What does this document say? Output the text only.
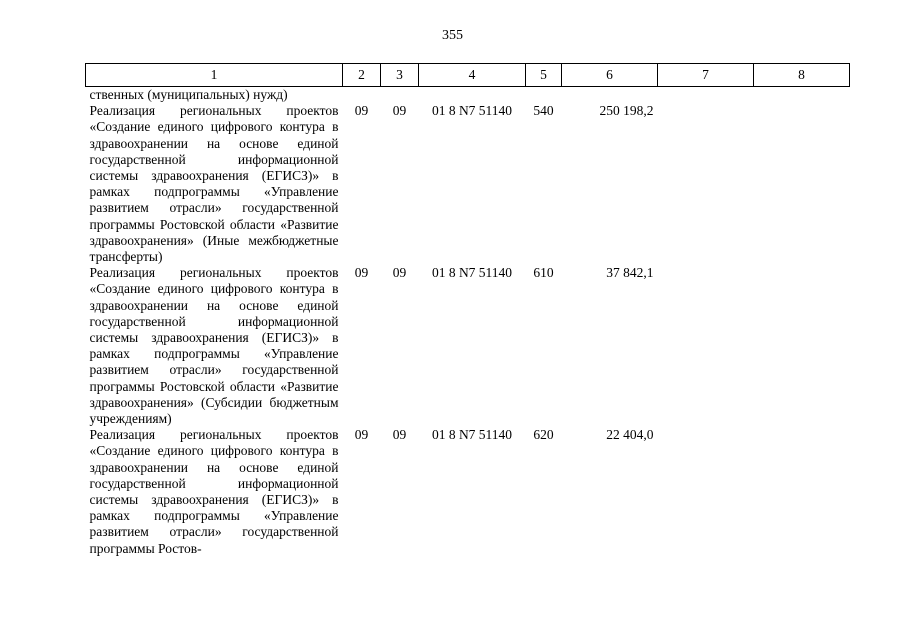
355
1	2	3	4	5	6	7	8
ственных (муниципальных) нужд)							
Реализация региональных проектов «Создание единого цифрового контура в здравоохранении на основе единой государственной информационной системы здравоохранения (ЕГИСЗ)» в рамках подпрограммы «Управление развитием отрасли» государственной программы Ростовской области «Развитие здравоохранения» (Иные межбюджетные трансферты)	09	09	01 8 N7 51140	540	250 198,2		
Реализация региональных проектов «Создание единого цифрового контура в здравоохранении на основе единой государственной информационной системы здравоохранения (ЕГИСЗ)» в рамках подпрограммы «Управление развитием отрасли» государственной программы Ростовской области «Развитие здравоохранения» (Субсидии бюджетным учреждениям)	09	09	01 8 N7 51140	610	37 842,1		
Реализация региональных проектов «Создание единого цифрового контура в здравоохранении на основе единой государственной информационной системы здравоохранения (ЕГИСЗ)» в рамках подпрограммы «Управление развитием отрасли» государственной программы Ростов-	09	09	01 8 N7 51140	620	22 404,0		
